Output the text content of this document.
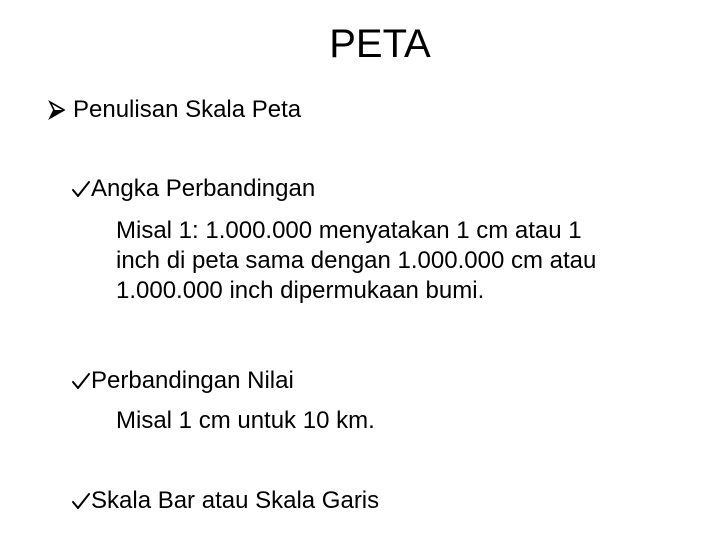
PETA
Penulisan Skala Peta
Angka Perbandingan
Misal 1: 1.000.000 menyatakan 1 cm atau 1
inch di peta sama dengan 1.000.000 cm atau
1.000.000 inch dipermukaan bumi.
Perbandingan Nilai
Misal 1 cm untuk 10 km.
Skala Bar atau Skala Garis
